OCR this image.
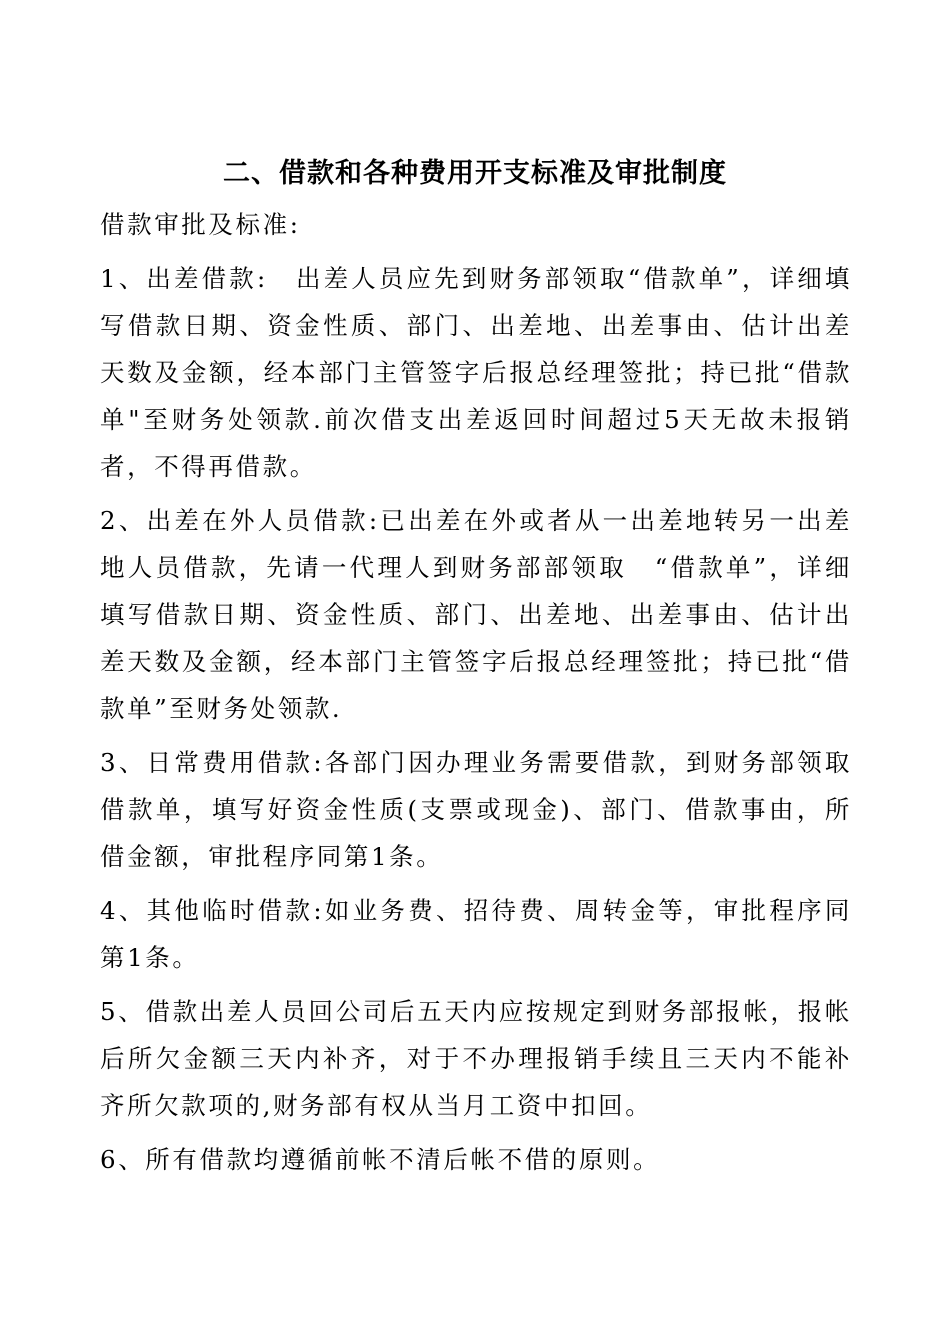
二、借款和各种费用开支标准及审批制度

借款审批及标准:

1、出差借款:　出差人员应先到财务部领取“借款单”，详细填写借款日期、资金性质、部门、出差地、出差事由、估计出差天数及金额，经本部门主管签字后报总经理签批；持已批“借款单"至财务处领款.前次借支出差返回时间超过5天无故未报销者，不得再借款。

2、出差在外人员借款:已出差在外或者从一出差地转另一出差地人员借款，先请一代理人到财务部部领取　“借款单”，详细填写借款日期、资金性质、部门、出差地、出差事由、估计出差天数及金额，经本部门主管签字后报总经理签批；持已批“借款单”至财务处领款.

3、日常费用借款:各部门因办理业务需要借款，到财务部领取借款单，填写好资金性质(支票或现金)、部门、借款事由，所借金额，审批程序同第1条。

4、其他临时借款:如业务费、招待费、周转金等，审批程序同第1条。

5、借款出差人员回公司后五天内应按规定到财务部报帐，报帐后所欠金额三天内补齐，对于不办理报销手续且三天内不能补齐所欠款项的,财务部有权从当月工资中扣回。

6、所有借款均遵循前帐不清后帐不借的原则。
